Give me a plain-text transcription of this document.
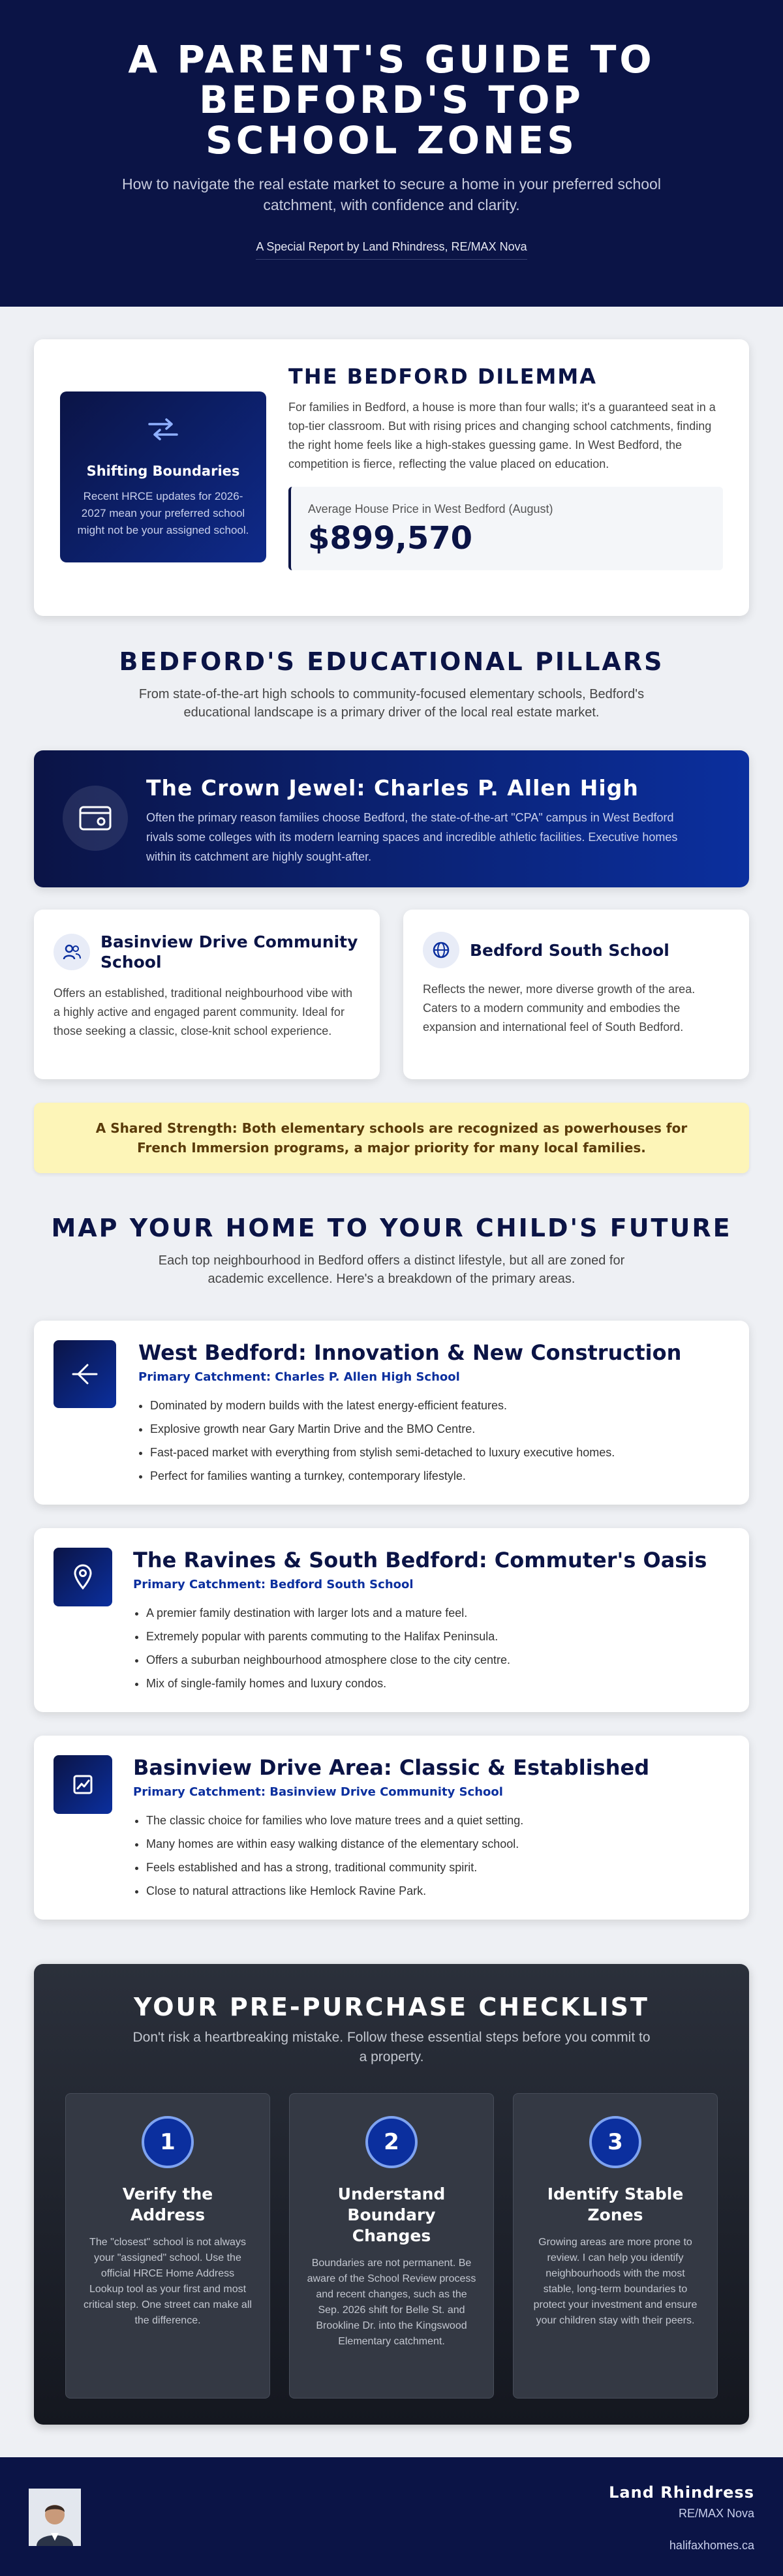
A PARENT'S GUIDE TO BEDFORD'S TOP SCHOOL ZONES

How to navigate the real estate market to secure a home in your preferred school catchment, with confidence and clarity.

A Special Report by Land Rhindress, RE/MAX Nova
Shifting Boundaries
Recent HRCE updates for 2026-2027 mean your preferred school might not be your assigned school.
THE BEDFORD DILEMMA

For families in Bedford, a house is more than four walls; it's a guaranteed seat in a top-tier classroom. But with rising prices and changing school catchments, finding the right home feels like a high-stakes guessing game. In West Bedford, the competition is fierce, reflecting the value placed on education.

Average House Price in West Bedford (August)
$899,570
BEDFORD'S EDUCATIONAL PILLARS

From state-of-the-art high schools to community-focused elementary schools, Bedford's educational landscape is a primary driver of the local real estate market.

The Crown Jewel: Charles P. Allen High

Often the primary reason families choose Bedford, the state-of-the-art "CPA" campus in West Bedford rivals some colleges with its modern learning spaces and incredible athletic facilities. Executive homes within its catchment are highly sought-after.

Basinview Drive Community School

Offers an established, traditional neighbourhood vibe with a highly active and engaged parent community. Ideal for those seeking a classic, close-knit school experience.

Bedford South School

Reflects the newer, more diverse growth of the area. Caters to a modern community and embodies the expansion and international feel of South Bedford.

A Shared Strength: Both elementary schools are recognized as powerhouses for French Immersion programs, a major priority for many local families.
MAP YOUR HOME TO YOUR CHILD'S FUTURE

Each top neighbourhood in Bedford offers a distinct lifestyle, but all are zoned for academic excellence. Here's a breakdown of the primary areas.

West Bedford: Innovation & New Construction
Primary Catchment: Charles P. Allen High School
• Dominated by modern builds with the latest energy-efficient features.
• Explosive growth near Gary Martin Drive and the BMO Centre.
• Fast-paced market with everything from stylish semi-detached to luxury executive homes.
• Perfect for families wanting a turnkey, contemporary lifestyle.
The Ravines & South Bedford: Commuter's Oasis
Primary Catchment: Bedford South School
• A premier family destination with larger lots and a mature feel.
• Extremely popular with parents commuting to the Halifax Peninsula.
• Offers a suburban neighbourhood atmosphere close to the city centre.
• Mix of single-family homes and luxury condos.
Basinview Drive Area: Classic & Established
Primary Catchment: Basinview Drive Community School
• The classic choice for families who love mature trees and a quiet setting.
• Many homes are within easy walking distance of the elementary school.
• Feels established and has a strong, traditional community spirit.
• Close to natural attractions like Hemlock Ravine Park.
YOUR PRE-PURCHASE CHECKLIST

Don't risk a heartbreaking mistake. Follow these essential steps before you commit to a property.

1
Verify the Address

The "closest" school is not always your "assigned" school. Use the official HRCE Home Address Lookup tool as your first and most critical step. One street can make all the difference.

2
Understand Boundary Changes

Boundaries are not permanent. Be aware of the School Review process and recent changes, such as the Sep. 2026 shift for Belle St. and Brookline Dr. into the Kingswood Elementary catchment.

3
Identify Stable Zones

Growing areas are more prone to review. I can help you identify neighbourhoods with the most stable, long-term boundaries to protect your investment and ensure your children stay with their peers.

Land Rhindress
RE/MAX Nova
halifaxhomes.ca
